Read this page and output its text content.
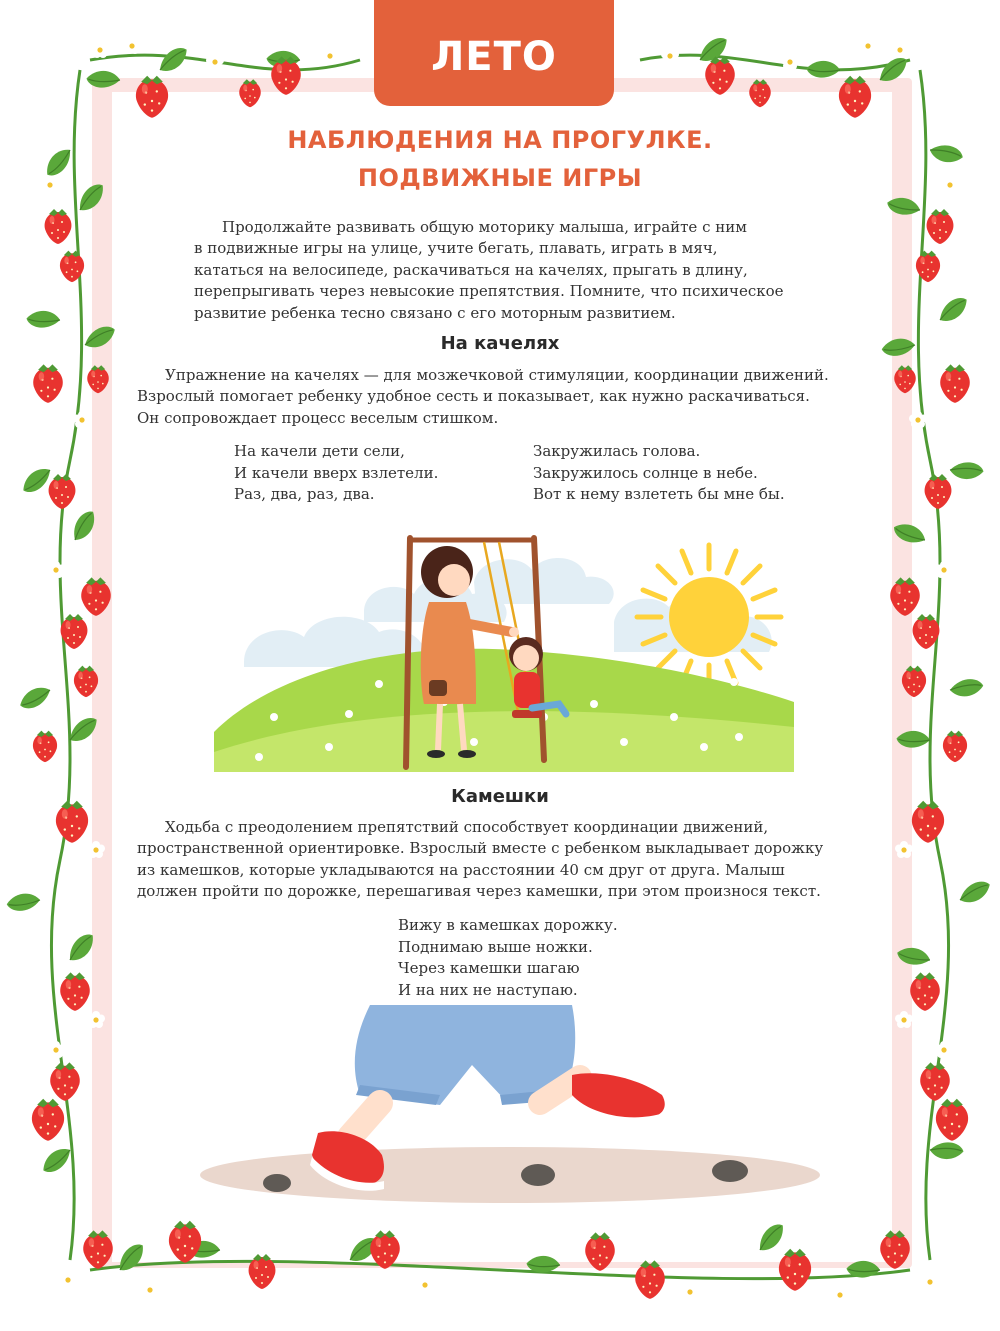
ЛЕТО
НАБЛЮДЕНИЯ НА ПРОГУЛКЕ.
ПОДВИЖНЫЕ ИГРЫ
Продолжайте развивать общую моторику малыша, играйте с ним
в подвижные игры на улице, учите бегать, плавать, играть в мяч,
кататься на велосипеде, раскачиваться на качелях, прыгать в длину,
перепрыгивать через невысокие препятствия. Помните, что психическое
развитие ребенка тесно связано с его моторным развитием.
На качелях
Упражнение на качелях — для мозжечковой стимуляции, координации движений.
Взрослый помогает ребенку удобное сесть и показывает, как нужно раскачиваться.
Он сопровождает процесс веселым стишком.
На качели дети сели,
И качели вверх взлетели.
Раз, два, раз, два.
Закружилась голова.
Закружилось солнце в небе.
Вот к нему взлететь бы мне бы.
Камешки
Ходьба с преодолением препятствий способствует координации движений,
пространственной ориентировке. Взрослый вместе с ребенком выкладывает дорожку
из камешков, которые укладываются на расстоянии 40 см друг от друга. Малыш
должен пройти по дорожке, перешагивая через камешки, при этом произнося текст.
Вижу в камешках дорожку.
Поднимаю выше ножки.
Через камешки шагаю
И на них не наступаю.
